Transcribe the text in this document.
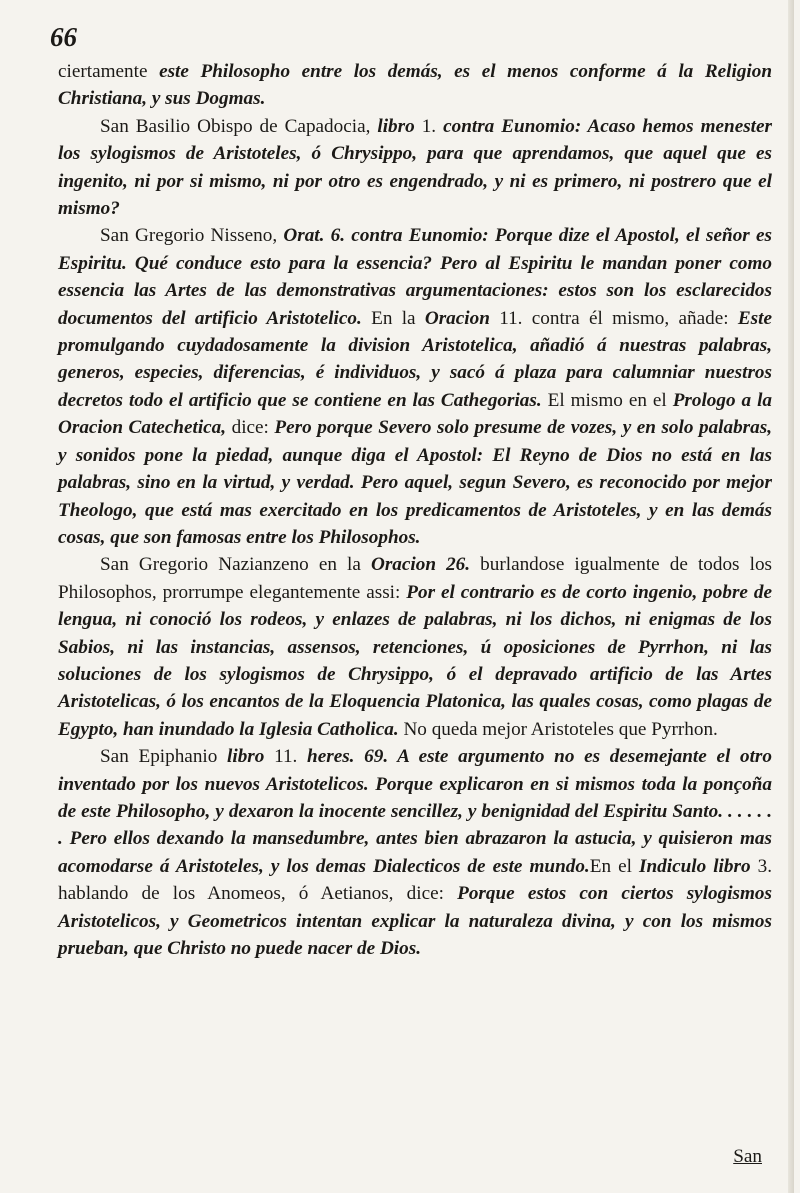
66

ciertamente este Philosopho entre los demás, es el menos conforme á la Religion Christiana, y sus Dogmas.

San Basilio Obispo de Capadocia, libro 1. contra Eunomio: Acaso hemos menester los sylogismos de Aristoteles, ó Chrysippo, para que aprendamos, que aquel que es ingenito, ni por si mismo, ni por otro es engendrado, y ni es primero, ni postrero que el mismo?

San Gregorio Nisseno, Orat. 6. contra Eunomio: Porque dize el Apostol, el señor es Espiritu. Qué conduce esto para la essencia? Pero al Espiritu le mandan poner como essencia las Artes de las demonstrativas argumentaciones: estos son los esclarecidos documentos del artificio Aristotelico. En la Oracion 11. contra él mismo, añade: Este promulgando cuydadosamente la division Aristotelica, añadió á nuestras palabras, generos, especies, diferencias, é individuos, y sacó á plaza para calumniar nuestros decretos todo el artificio que se contiene en las Cathegorias. El mismo en el Prologo a la Oracion Catechetica, dice: Pero porque Severo solo presume de vozes, y en solo palabras, y sonidos pone la piedad, aunque diga el Apostol: El Reyno de Dios no está en las palabras, sino en la virtud, y verdad. Pero aquel, segun Severo, es reconocido por mejor Theologo, que está mas exercitado en los predicamentos de Aristoteles, y en las demás cosas, que son famosas entre los Philosophos.

San Gregorio Nazianzeno en la Oracion 26. burlandose igualmente de todos los Philosophos, prorrumpe elegantemente assi: Por el contrario es de corto ingenio, pobre de lengua, ni conoció los rodeos, y enlazes de palabras, ni los dichos, ni enigmas de los Sabios, ni las instancias, assensos, retenciones, ú oposiciones de Pyrrhon, ni las soluciones de los sylogismos de Chrysippo, ó el depravado artificio de las Artes Aristotelicas, ó los encantos de la Eloquencia Platonica, las quales cosas, como plagas de Egypto, han inundado la Iglesia Catholica. No queda mejor Aristoteles que Pyrrhon.

San Epiphanio libro 11. heres. 69. A este argumento no es desemejante el otro inventado por los nuevos Aristotelicos. Porque explicaron en si mismos toda la ponçoña de este Philosopho, y dexaron la inocente sencillez, y benignidad del Espiritu Santo. . . . . . . Pero ellos dexando la mansedumbre, antes bien abrazaron la astucia, y quisieron mas acomodarse á Aristoteles, y los demas Dialecticos de este mundo.En el Indiculo libro 3. hablando de los Anomeos, ó Aetianos, dice: Porque estos con ciertos sylogismos Aristotelicos, y Geometricos intentan explicar la naturaleza divina, y con los mismos prueban, que Christo no puede nacer de Dios.

San
